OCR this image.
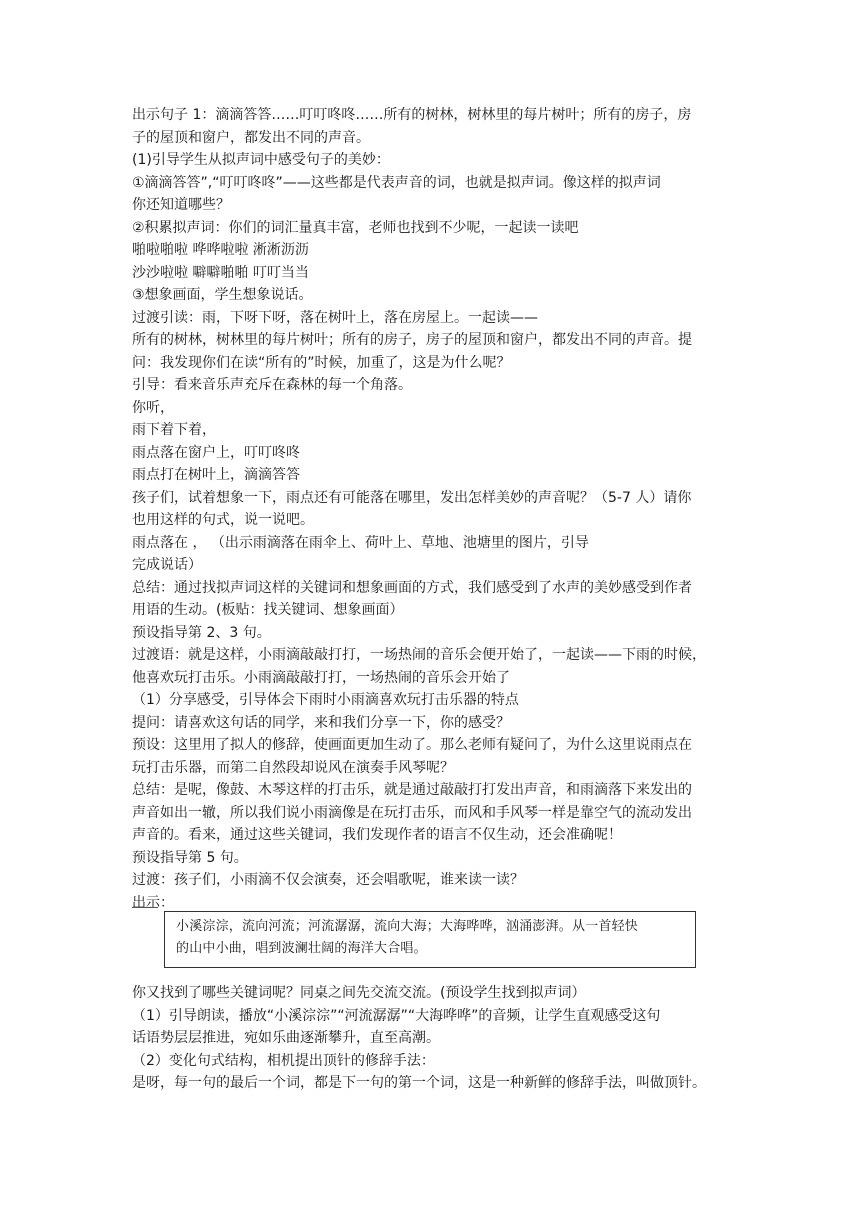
出示句子 1：滴滴答答……叮叮咚咚……所有的树林，树林里的每片树叶；所有的房子，房
子的屋顶和窗户，都发出不同的声音。
(1)引导学生从拟声词中感受句子的美妙：
①滴滴答答”,“叮叮咚咚”——这些都是代表声音的词，也就是拟声词。像这样的拟声词
你还知道哪些？
②积累拟声词：你们的词汇量真丰富，老师也找到不少呢，一起读一读吧
啪啦啪啦 哗哗啦啦 淅淅沥沥
沙沙啦啦 噼噼啪啪 叮叮当当
③想象画面，学生想象说话。
过渡引读：雨，下呀下呀，落在树叶上，落在房屋上。一起读——
所有的树林，树林里的每片树叶；所有的房子，房子的屋顶和窗户，都发出不同的声音。提
问：我发现你们在读“所有的”时候，加重了，这是为什么呢？
引导：看来音乐声充斥在森林的每一个角落。
你听，
雨下着下着，
雨点落在窗户上，叮叮咚咚
雨点打在树叶上，滴滴答答
孩子们，试着想象一下，雨点还有可能落在哪里，发出怎样美妙的声音呢？（5-7 人）请你
也用这样的句式，说一说吧。
雨点落在 ， （出示雨滴落在雨伞上、荷叶上、草地、池塘里的图片，引导
完成说话）
总结：通过找拟声词这样的关键词和想象画面的方式，我们感受到了水声的美妙感受到作者
用语的生动。(板贴：找关键词、想象画面）
预设指导第 2、3 句。
过渡语：就是这样，小雨滴敲敲打打，一场热闹的音乐会便开始了，一起读——下雨的时候，
他喜欢玩打击乐。小雨滴敲敲打打，一场热闹的音乐会开始了
（1）分享感受，引导体会下雨时小雨滴喜欢玩打击乐器的特点
提问：请喜欢这句话的同学，来和我们分享一下，你的感受？
预设：这里用了拟人的修辞，使画面更加生动了。那么老师有疑问了，为什么这里说雨点在
玩打击乐器，而第二自然段却说风在演奏手风琴呢？
总结：是呢，像鼓、木琴这样的打击乐，就是通过敲敲打打发出声音，和雨滴落下来发出的
声音如出一辙，所以我们说小雨滴像是在玩打击乐，而风和手风琴一样是靠空气的流动发出
声音的。看来，通过这些关键词，我们发现作者的语言不仅生动，还会准确呢！
预设指导第 5 句。
过渡：孩子们，小雨滴不仅会演奏，还会唱歌呢，谁来读一读？
出示：
小溪淙淙，流向河流；河流潺潺，流向大海；大海哗哗，汹涌澎湃。从一首轻快
的山中小曲，唱到波澜壮阔的海洋大合唱。
你又找到了哪些关键词呢？同桌之间先交流交流。(预设学生找到拟声词）
（1）引导朗读，播放“小溪淙淙”“河流潺潺”“大海哗哗”的音频，让学生直观感受这句
话语势层层推进，宛如乐曲逐渐攀升，直至高潮。
（2）变化句式结构，相机提出顶针的修辞手法：
是呀，每一句的最后一个词，都是下一句的第一个词，这是一种新鲜的修辞手法，叫做顶针。
